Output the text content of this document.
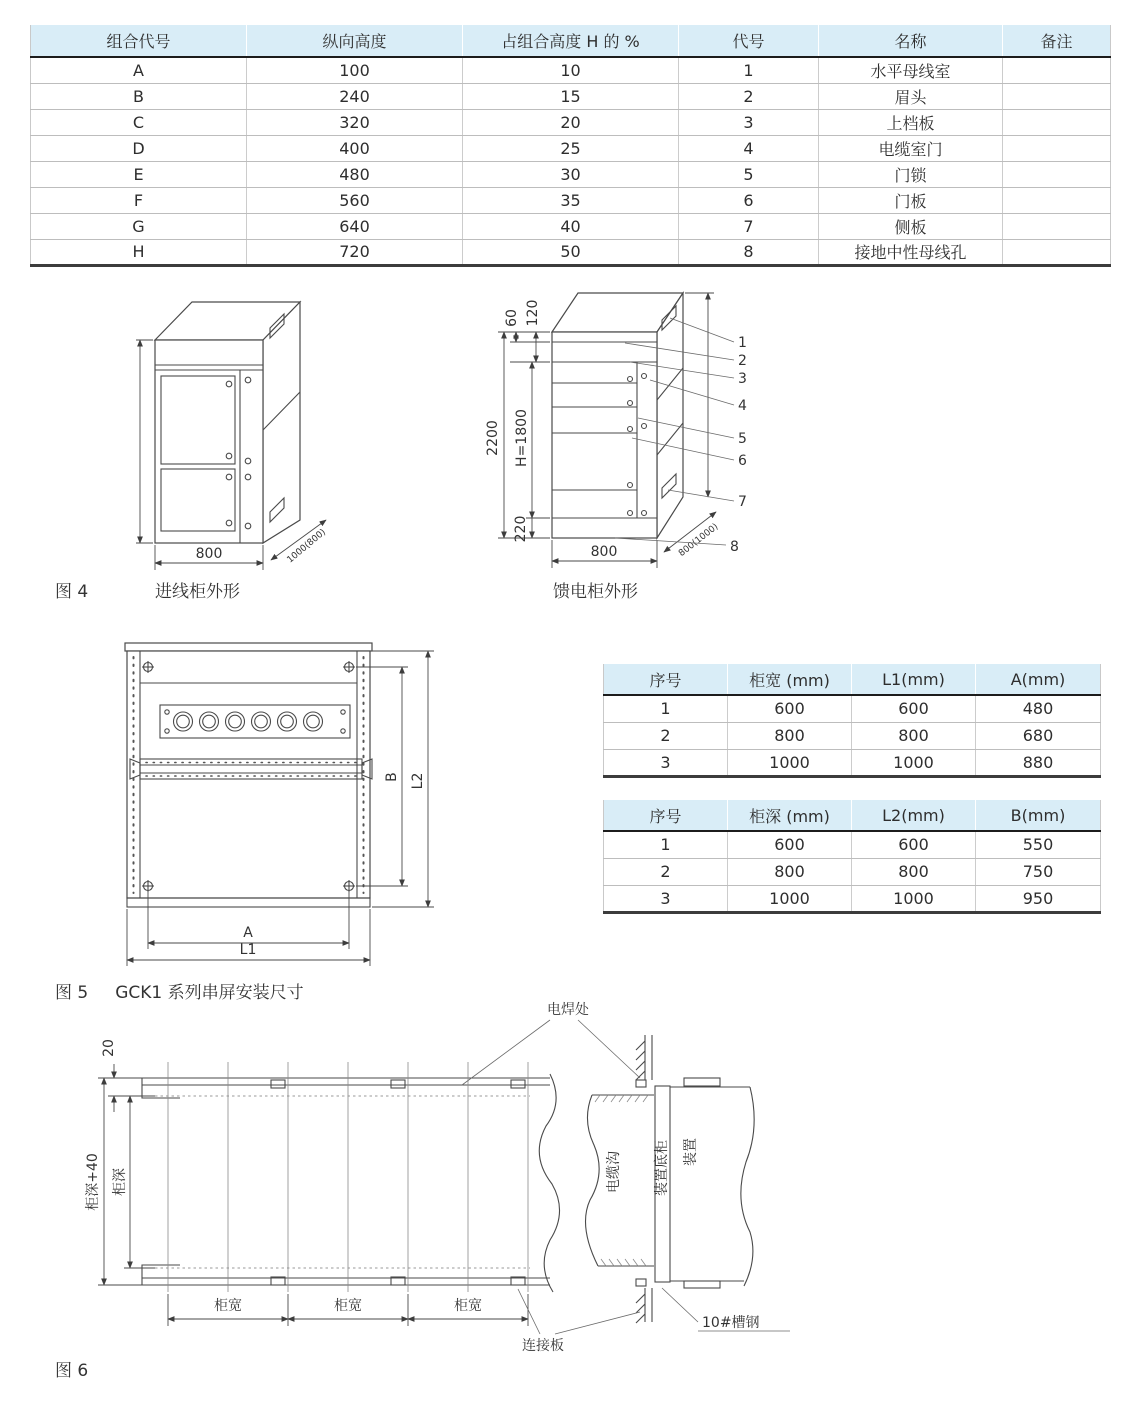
组合代号	纵向高度	占组合高度 H 的 %	代号	名称	备注
A	100	10	1	水平母线室	
B	240	15	2	眉头	
C	320	20	3	上档板	
D	400	25	4	电缆室门	
E	480	30	5	门锁	
F	560	35	6	门板	
G	640	40	7	侧板	
H	720	50	8	接地中性母线孔	
800	1000(800)
60 120
2200 H=1800
220
800	800(1000)
1
2
3
4
5
6
7
8
图 4	进线柜外形	馈电柜外形
B L2
A
L1
图 5 GCK1 系列串屏安装尺寸
序号	柜宽 (mm)	L1(mm)	A(mm)
1	600	600	480
2	800	800	680
3	1000	1000	880
序号	柜深 (mm)	L2(mm)	B(mm)
1	600	600	550
2	800	800	750
3	1000	1000	950
20
柜深+40 柜深
柜宽	柜宽	柜宽
电缆沟 装置底柜 装置
电焊处
连接板
10#槽钢
图 6
